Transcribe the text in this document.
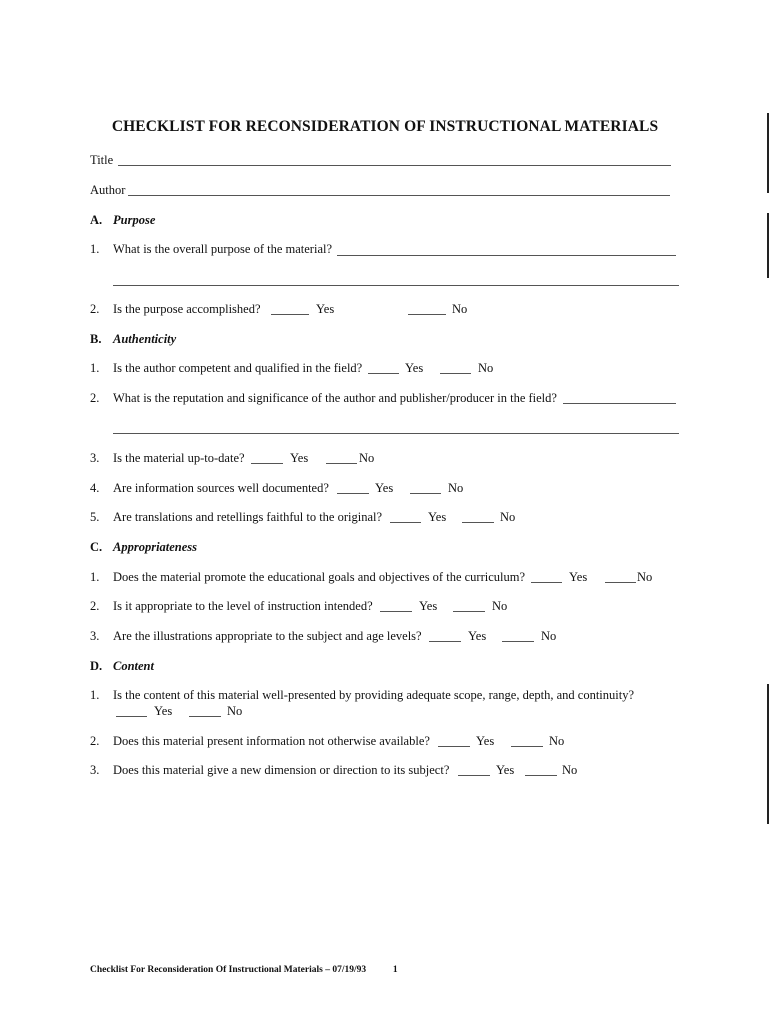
CHECKLIST FOR RECONSIDERATION OF INSTRUCTIONAL MATERIALS
Title
Author
A. Purpose
1. What is the overall purpose of the material?
2. Is the purpose accomplished?	Yes	No
B. Authenticity
1. Is the author competent and qualified in the field?	Yes	No
2. What is the reputation and significance of the author and publisher/producer in the field?
3. Is the material up-to-date?	Yes	No
4. Are information sources well documented?	Yes	No
5. Are translations and retellings faithful to the original?	Yes	No
C. Appropriateness
1. Does the material promote the educational goals and objectives of the curriculum?	Yes	No
2. Is it appropriate to the level of instruction intended?	Yes	No
3. Are the illustrations appropriate to the subject and age levels?	Yes	No
D. Content
1. Is the content of this material well-presented by providing adequate scope, range, depth, and continuity?
Yes	No
2. Does this material present information not otherwise available?	Yes	No
3. Does this material give a new dimension or direction to its subject?	Yes	No
Checklist For Reconsideration Of Instructional Materials – 07/19/93	1
